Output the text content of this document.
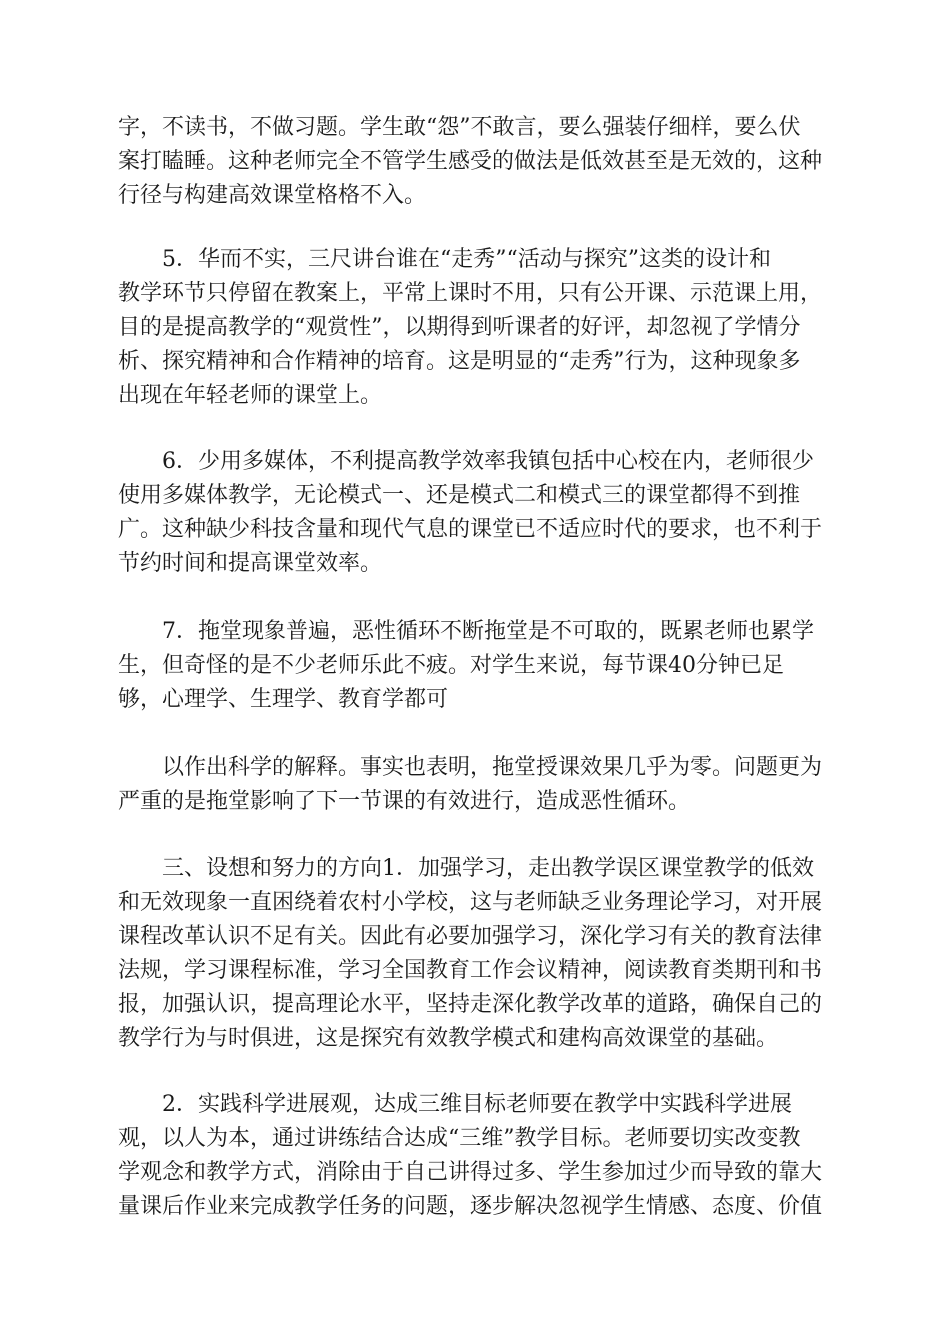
字，不读书，不做习题。学生敢“怨”不敢言，要么强装仔细样，要么伏
案打瞌睡。这种老师完全不管学生感受的做法是低效甚至是无效的，这种
行径与构建高效课堂格格不入。
5．华而不实，三尺讲台谁在“走秀”“活动与探究”这类的设计和
教学环节只停留在教案上，平常上课时不用，只有公开课、示范课上用，
目的是提高教学的“观赏性”，以期得到听课者的好评，却忽视了学情分
析、探究精神和合作精神的培育。这是明显的“走秀”行为，这种现象多
出现在年轻老师的课堂上。
6．少用多媒体，不利提高教学效率我镇包括中心校在内，老师很少
使用多媒体教学，无论模式一、还是模式二和模式三的课堂都得不到推
广。这种缺少科技含量和现代气息的课堂已不适应时代的要求，也不利于
节约时间和提高课堂效率。
7．拖堂现象普遍，恶性循环不断拖堂是不可取的，既累老师也累学
生，但奇怪的是不少老师乐此不疲。对学生来说，每节课40分钟已足
够，心理学、生理学、教育学都可
以作出科学的解释。事实也表明，拖堂授课效果几乎为零。问题更为
严重的是拖堂影响了下一节课的有效进行，造成恶性循环。
三、设想和努力的方向1．加强学习，走出教学误区课堂教学的低效
和无效现象一直困绕着农村小学校，这与老师缺乏业务理论学习，对开展
课程改革认识不足有关。因此有必要加强学习，深化学习有关的教育法律
法规，学习课程标准，学习全国教育工作会议精神，阅读教育类期刊和书
报，加强认识，提高理论水平，坚持走深化教学改革的道路，确保自己的
教学行为与时俱进，这是探究有效教学模式和建构高效课堂的基础。
2．实践科学进展观，达成三维目标老师要在教学中实践科学进展
观，以人为本，通过讲练结合达成“三维”教学目标。老师要切实改变教
学观念和教学方式，消除由于自己讲得过多、学生参加过少而导致的靠大
量课后作业来完成教学任务的问题，逐步解决忽视学生情感、态度、价值
